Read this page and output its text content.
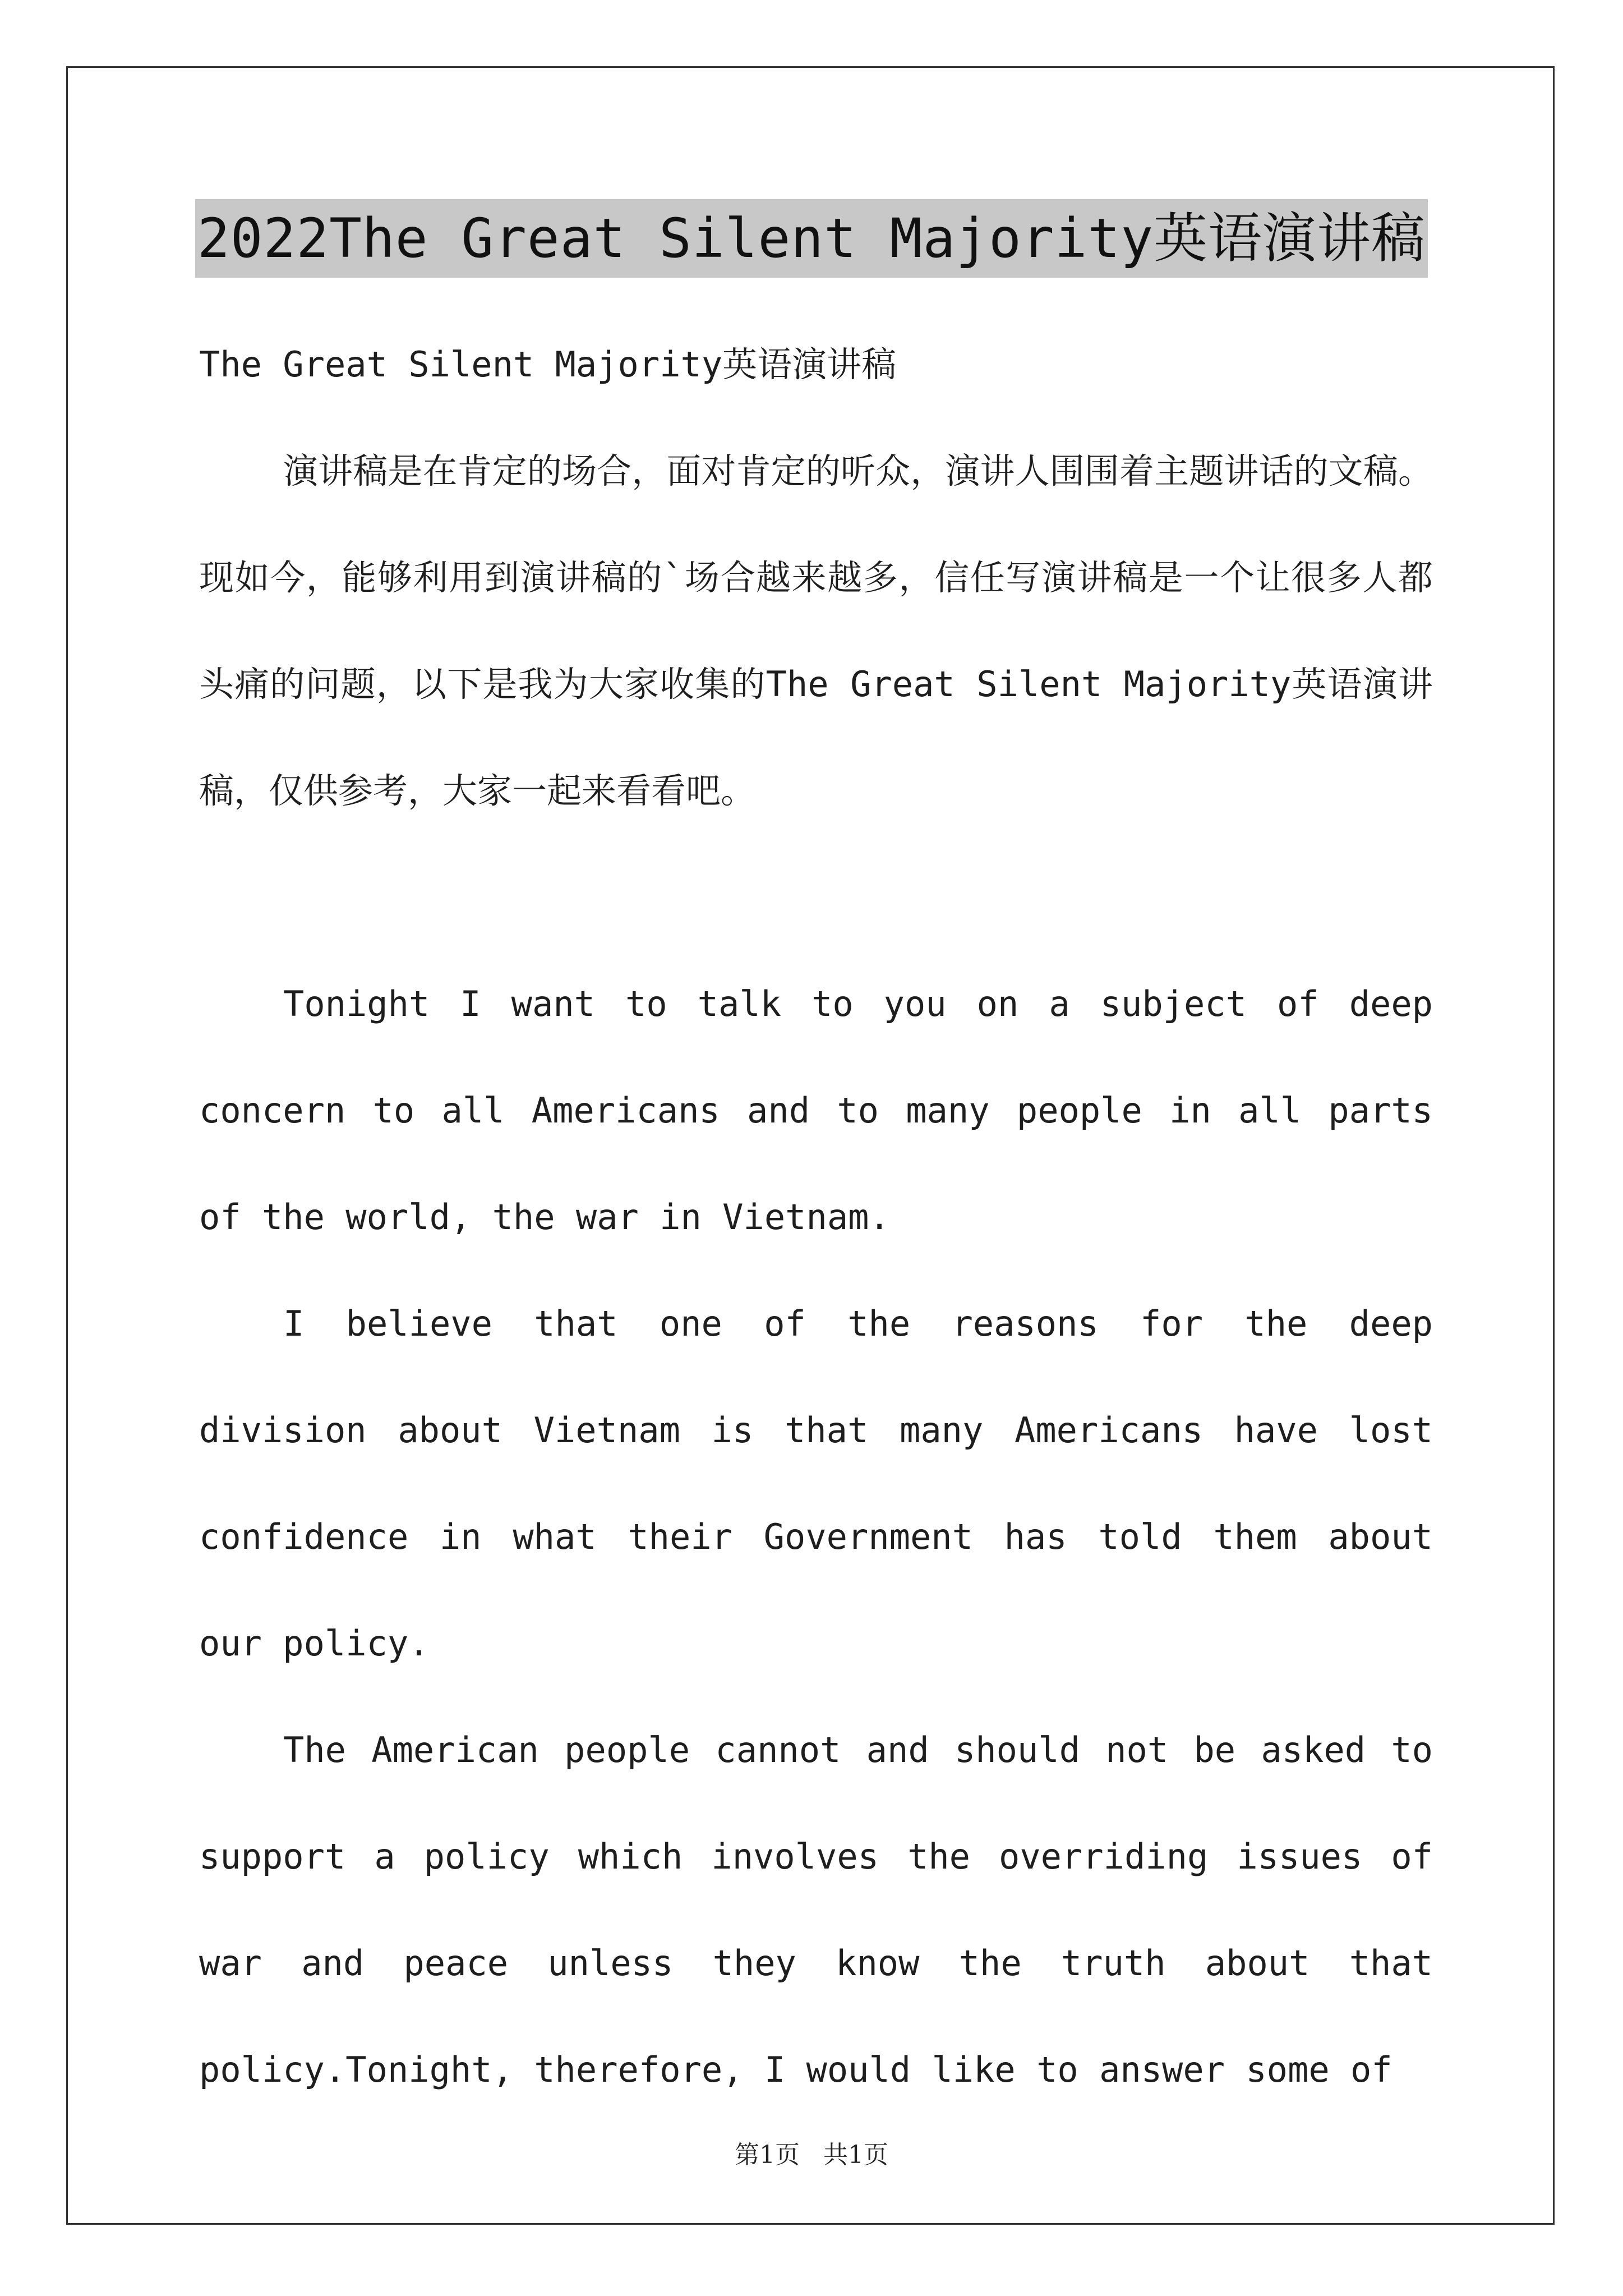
2022The Great Silent Majority英语演讲稿

The Great Silent Majority英语演讲稿

演讲稿是在肯定的场合，面对肯定的听众，演讲人围围着主题讲话的文稿。现如今，能够利用到演讲稿的`场合越来越多，信任写演讲稿是一个让很多人都头痛的问题，以下是我为大家收集的The Great Silent Majority英语演讲稿，仅供参考，大家一起来看看吧。

Tonight I want to talk to you on a subject of deep concern to all Americans and to many people in all parts of the world, the war in Vietnam.

I believe that one of the reasons for the deep division about Vietnam is that many Americans have lost confidence in what their Government has told them about our policy.

The American people cannot and should not be asked to support a policy which involves the overriding issues of war and peace unless they know the truth about that policy.Tonight, therefore, I would like to answer some of

第1页 共1页
